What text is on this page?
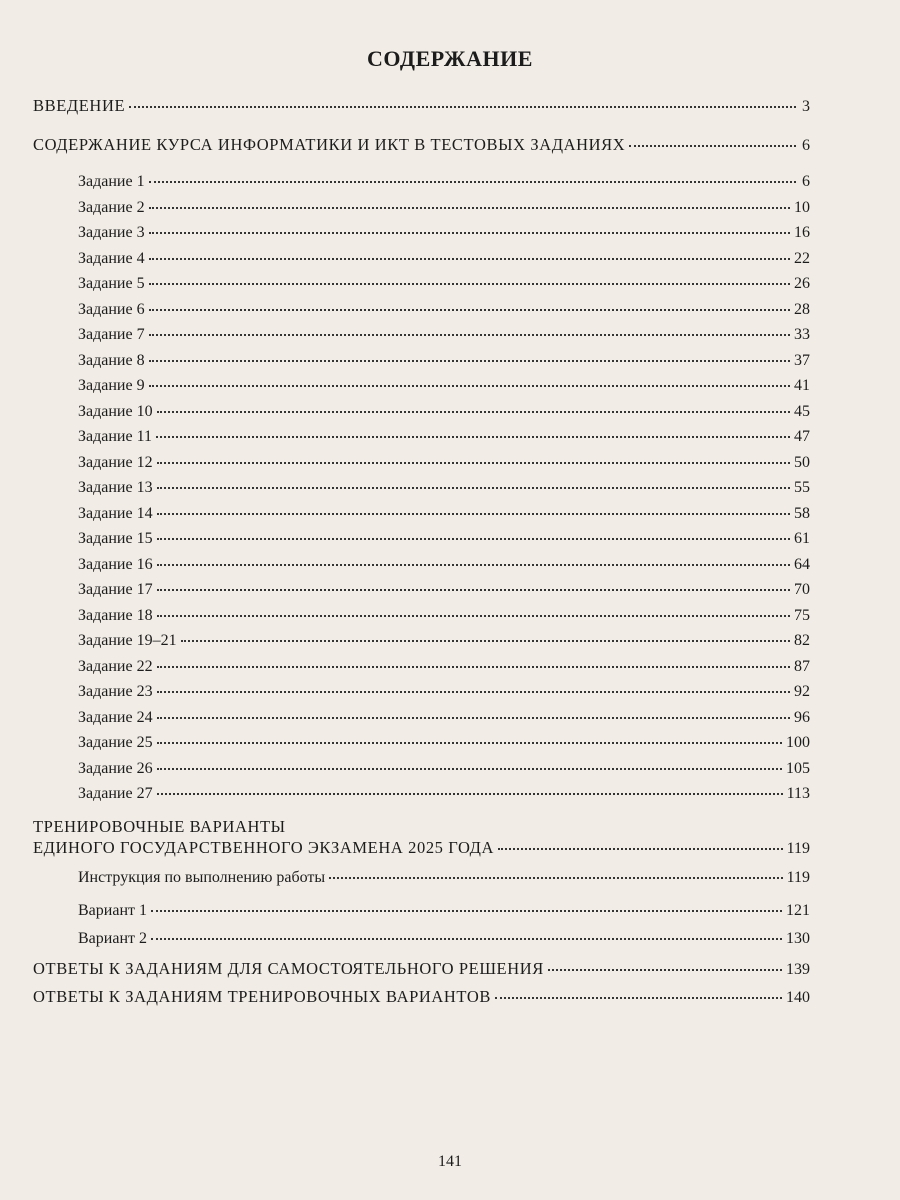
СОДЕРЖАНИЕ
ВВЕДЕНИЕ	3
СОДЕРЖАНИЕ КУРСА ИНФОРМАТИКИ И ИКТ В ТЕСТОВЫХ ЗАДАНИЯХ	6
Задание 1	6
Задание 2	10
Задание 3	16
Задание 4	22
Задание 5	26
Задание 6	28
Задание 7	33
Задание 8	37
Задание 9	41
Задание 10	45
Задание 11	47
Задание 12	50
Задание 13	55
Задание 14	58
Задание 15	61
Задание 16	64
Задание 17	70
Задание 18	75
Задание 19–21	82
Задание 22	87
Задание 23	92
Задание 24	96
Задание 25	100
Задание 26	105
Задание 27	113
ТРЕНИРОВОЧНЫЕ ВАРИАНТЫ
ЕДИНОГО ГОСУДАРСТВЕННОГО ЭКЗАМЕНА 2025 ГОДА	119
Инструкция по выполнению работы	119
Вариант 1	121
Вариант 2	130
ОТВЕТЫ К ЗАДАНИЯМ ДЛЯ САМОСТОЯТЕЛЬНОГО РЕШЕНИЯ	139
ОТВЕТЫ К ЗАДАНИЯМ ТРЕНИРОВОЧНЫХ ВАРИАНТОВ	140
141
